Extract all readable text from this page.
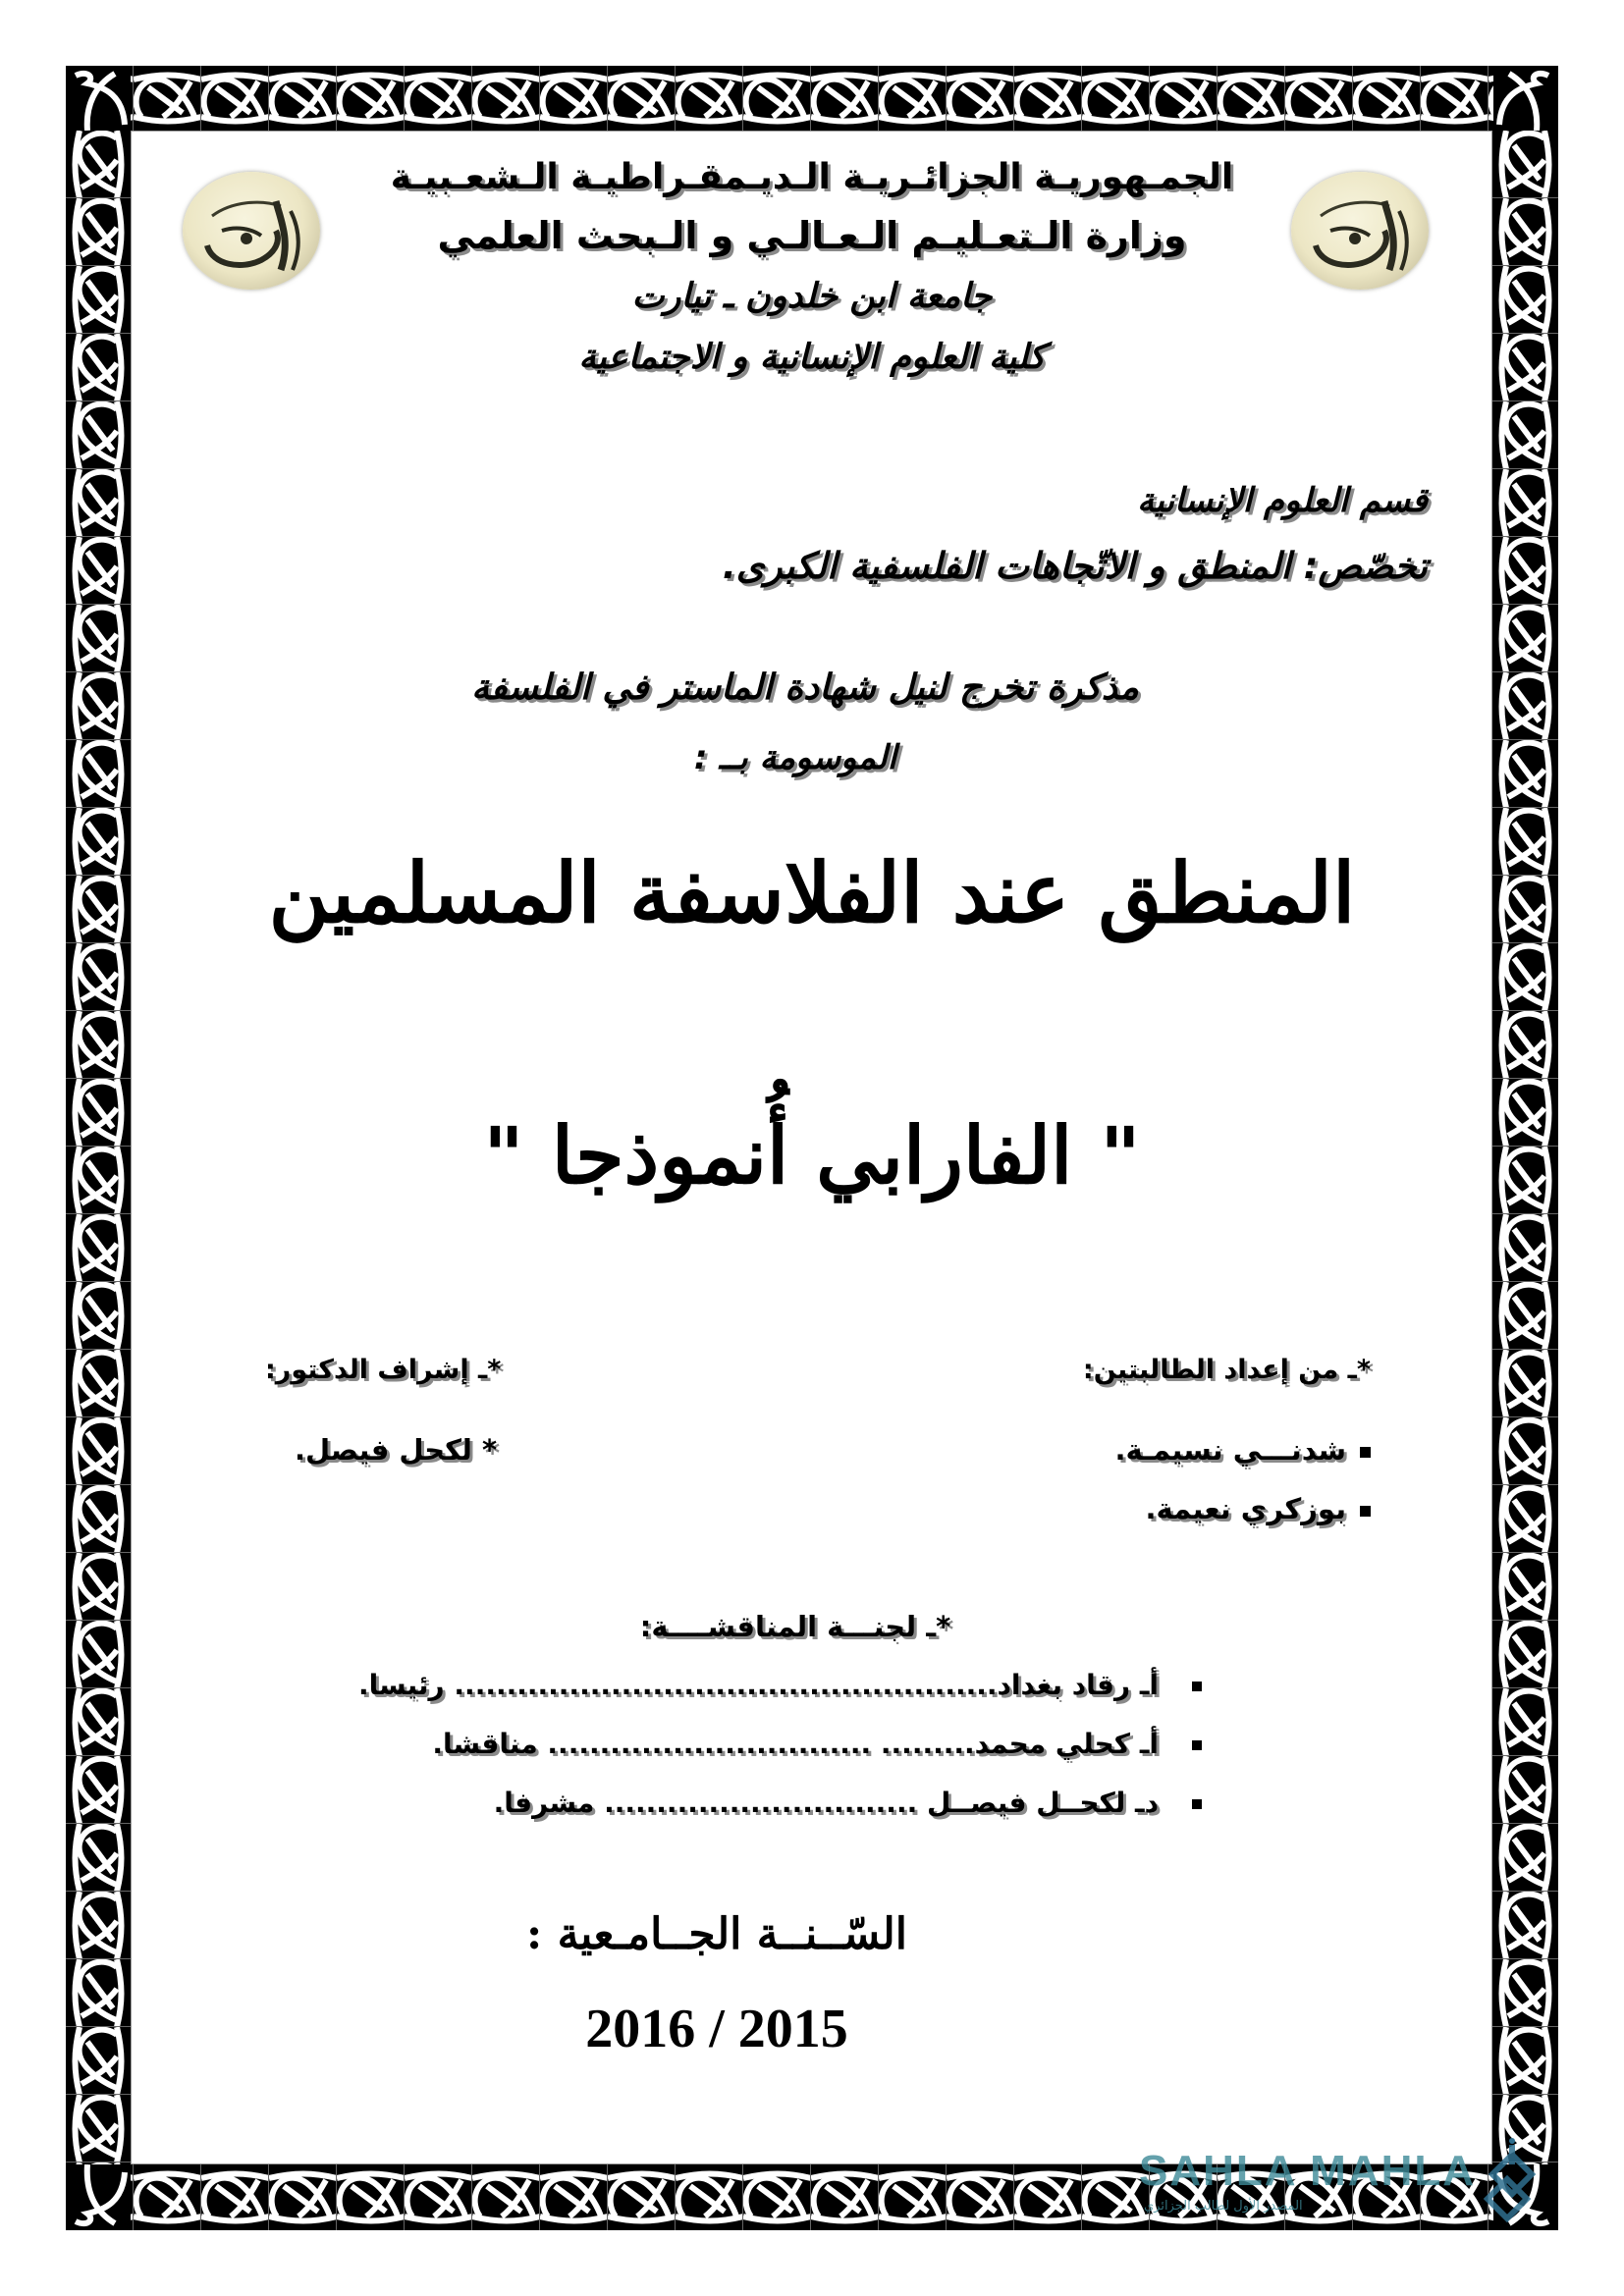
الجمـهوريـة الجزائـريـة الـديـمقـراطيـة الـشعـبيـة
وزارة الـتعـليـم الـعـالـي و الـبحث العلمي
جامعة ابن خلدون ـ تيارت
كلية العلوم الإنسانية و الاجتماعية
قسم العلوم الإنسانية
تخصّص: المنطق و الاتّجاهات الفلسفية الكبرى.
مذكرة تخرج لنيل شهادة الماستر في الفلسفة
الموسومة بــ :
المنطق عند الفلاسفة المسلمين
" الفارابي أُنموذجا "
*ـ من إعداد الطالبتين:
*ـ إشراف الدكتور:
شدنـــي نسيمـة.
بوزكري نعيمة.
* لكحل فيصل.
*ـ لجنـــة المناقشــــة:
أـ رقاد بغداد.................................................... رئيسا.
أـ كحلي محمد......... ............................... مناقشا.
دـ لكحــل فيصــل .............................. مشرفا.
السّــنــة الجــامـعية :
2016 / 2015
SAHLA MAHLA
المصدر الأول لطالب الجزائري
